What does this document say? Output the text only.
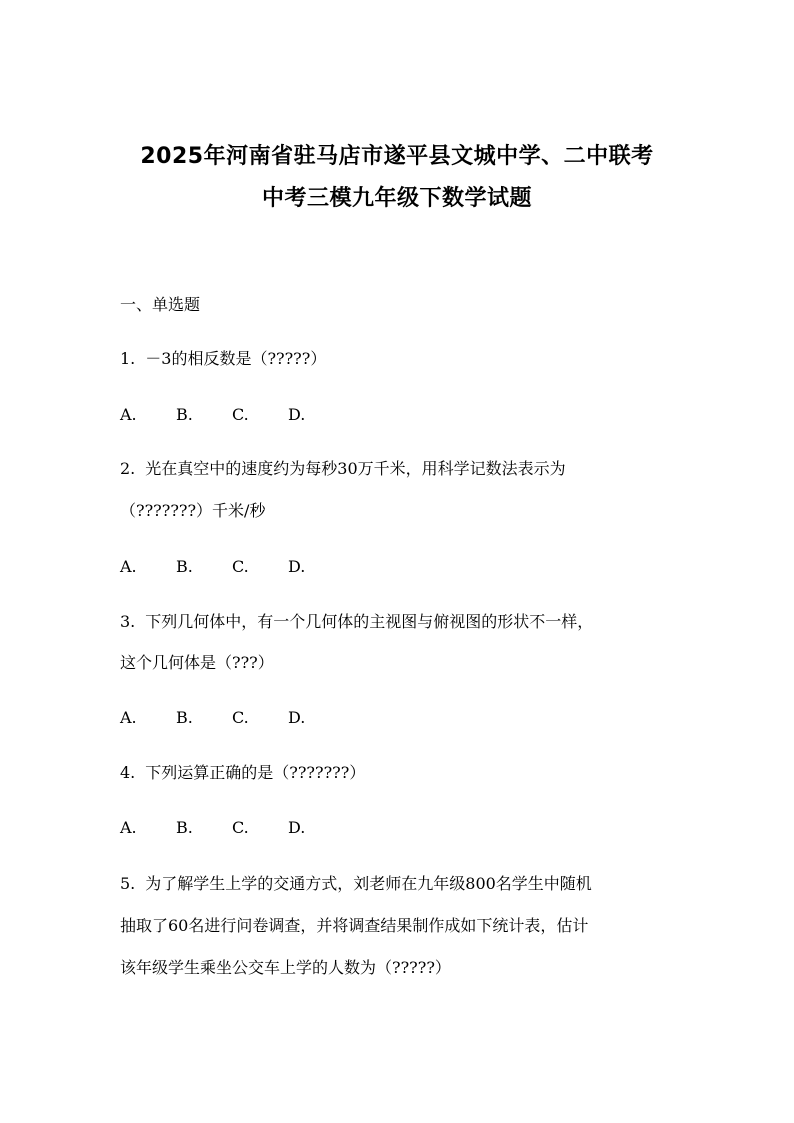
2025年河南省驻马店市遂平县文城中学、二中联考
中考三模九年级下数学试题

一、单选题

1. －3的相反数是（?????）

A.	B.	C.	D.

2. 光在真空中的速度约为每秒30万千米，用科学记数法表示为

（???????）千米/秒

A.	B.	C.	D.

3. 下列几何体中，有一个几何体的主视图与俯视图的形状不一样，

这个几何体是（???）

A.	B.	C.	D.

4. 下列运算正确的是（???????）

A.	B.	C.	D.

5. 为了解学生上学的交通方式，刘老师在九年级800名学生中随机

抽取了60名进行问卷调查，并将调查结果制作成如下统计表，估计

该年级学生乘坐公交车上学的人数为（?????）
